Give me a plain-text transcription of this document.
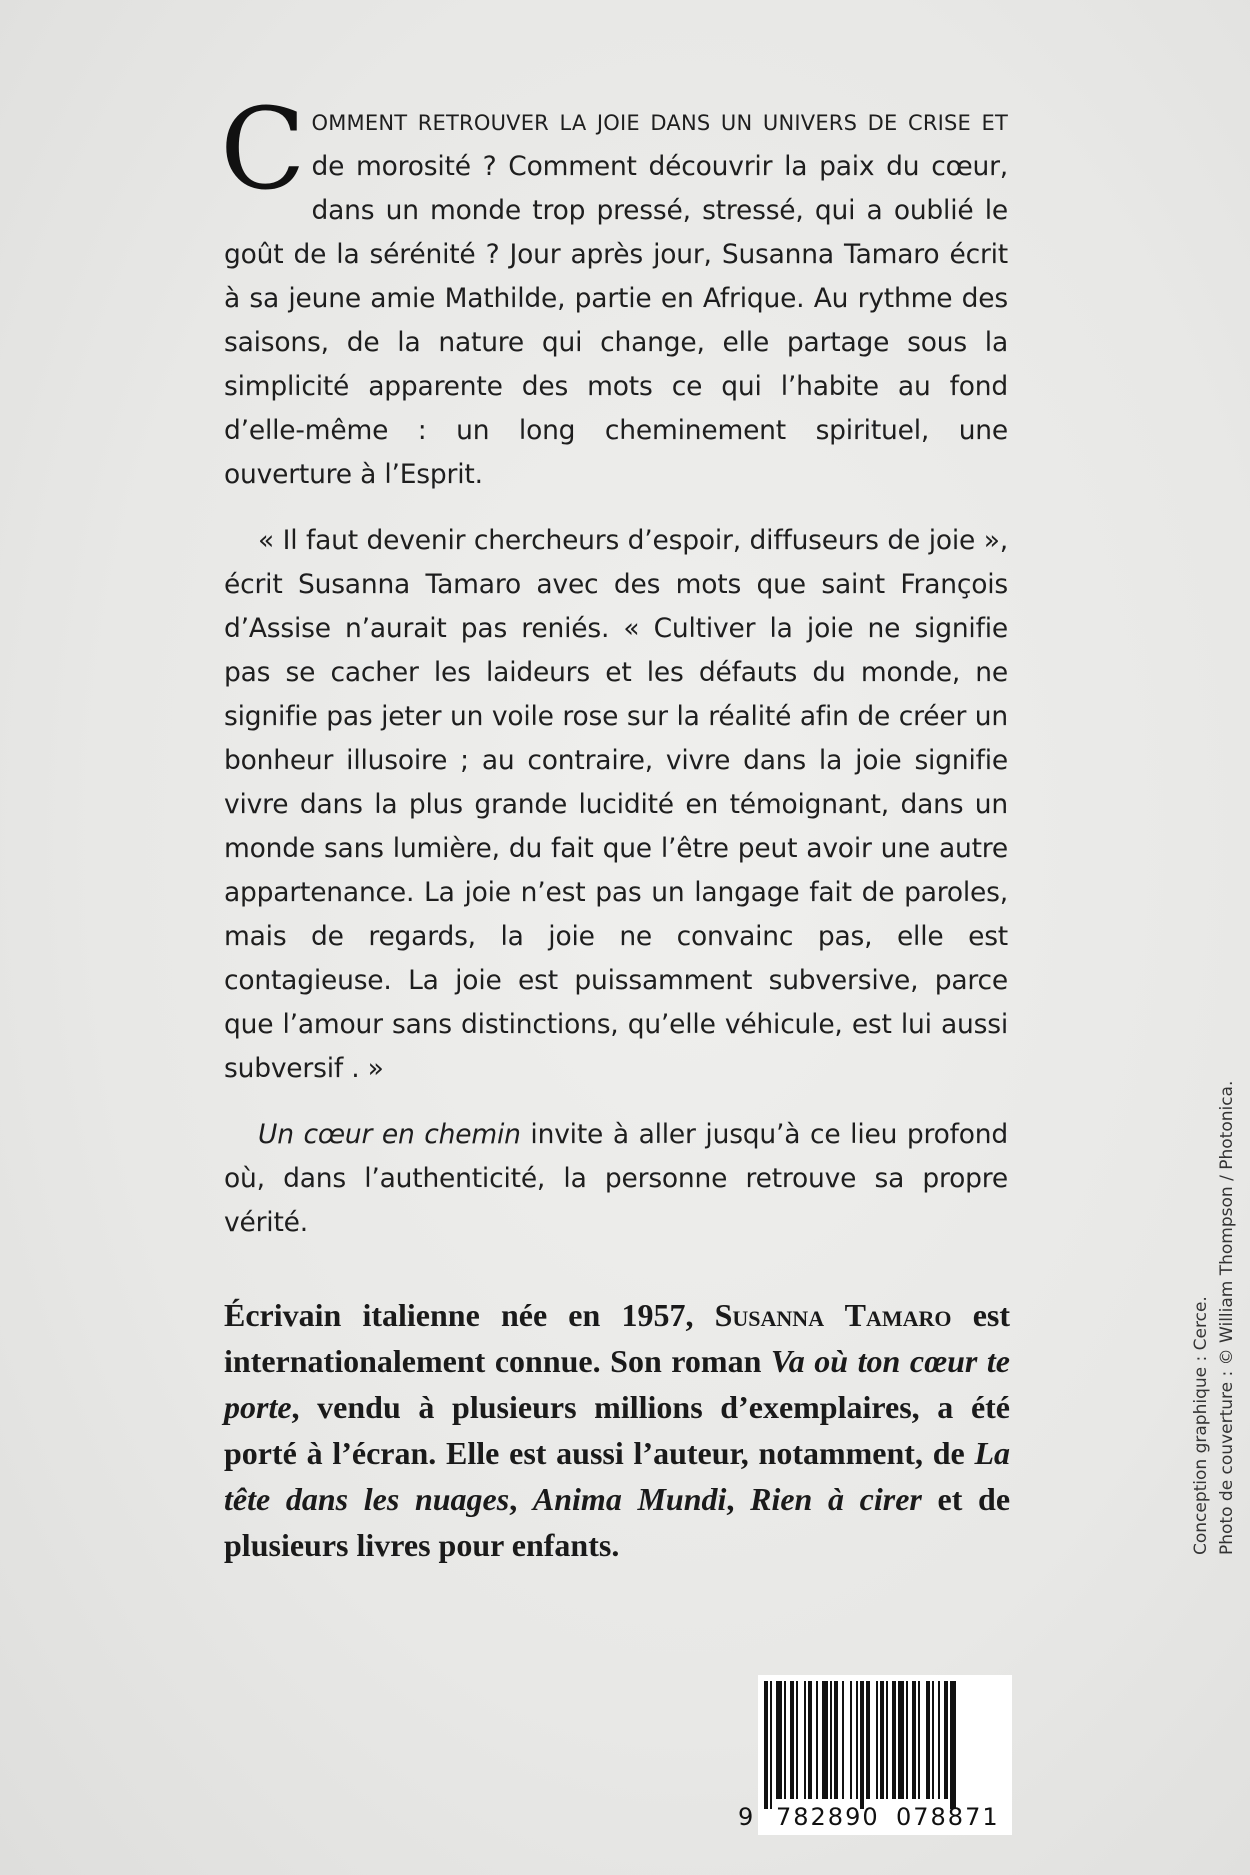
COMMENT RETROUVER LA JOIE DANS UN UNIVERS DE CRISE ET de morosité ? Comment découvrir la paix du cœur, dans un monde trop pressé, stressé, qui a oublié le goût de la sérénité ? Jour après jour, Susanna Tamaro écrit à sa jeune amie Mathilde, partie en Afrique. Au rythme des saisons, de la nature qui change, elle partage sous la simplicité apparente des mots ce qui l’habite au fond d’elle-même : un long cheminement spirituel, une ouverture à l’Esprit.

« Il faut devenir chercheurs d’espoir, diffuseurs de joie », écrit Susanna Tamaro avec des mots que saint François d’Assise n’aurait pas reniés. « Cultiver la joie ne signifie pas se cacher les laideurs et les défauts du monde, ne signifie pas jeter un voile rose sur la réalité afin de créer un bonheur illusoire ; au contraire, vivre dans la joie signifie vivre dans la plus grande lucidité en témoignant, dans un monde sans lumière, du fait que l’être peut avoir une autre appartenance. La joie n’est pas un langage fait de paroles, mais de regards, la joie ne convainc pas, elle est contagieuse. La joie est puissamment subversive, parce que l’amour sans distinctions, qu’elle véhicule, est lui aussi subversif . »

Un cœur en chemin invite à aller jusqu’à ce lieu profond où, dans l’authenticité, la personne retrouve sa propre vérité.

Écrivain italienne née en 1957, Susanna Tamaro est internationalement connue. Son roman Va où ton cœur te porte, vendu à plusieurs millions d’exemplaires, a été porté à l’écran. Elle est aussi l’auteur, notamment, de La tête dans les nuages, Anima Mundi, Rien à cirer et de plusieurs livres pour enfants.	Conception graphique : Cerce. Photo de couverture : © William Thompson / Photonica.
9 782890 078871
